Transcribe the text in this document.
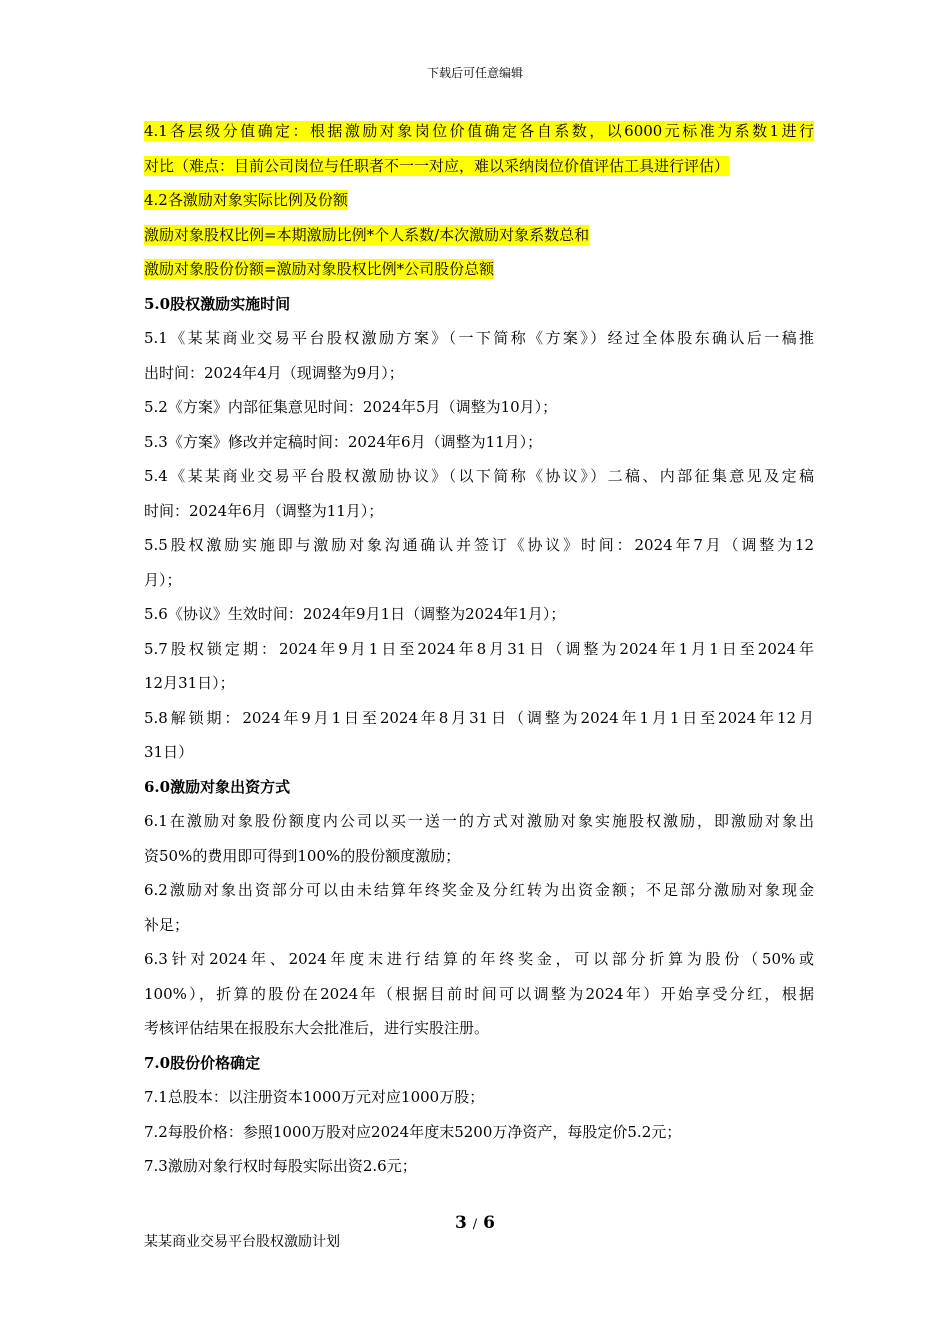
下载后可任意编辑
4.1各层级分值确定：根据激励对象岗位价值确定各自系数，以6000元标准为系数1进行
对比（难点：目前公司岗位与任职者不一一对应，难以采纳岗位价值评估工具进行评估）
4.2各激励对象实际比例及份额
激励对象股权比例=本期激励比例*个人系数/本次激励对象系数总和
激励对象股份份额=激励对象股权比例*公司股份总额
5.0股权激励实施时间
5.1《某某商业交易平台股权激励方案》（一下简称《方案》）经过全体股东确认后一稿推
出时间：2024年4月（现调整为9月）；
5.2《方案》内部征集意见时间：2024年5月（调整为10月）；
5.3《方案》修改并定稿时间：2024年6月（调整为11月）；
5.4《某某商业交易平台股权激励协议》（以下简称《协议》）二稿、内部征集意见及定稿
时间：2024年6月（调整为11月）；
5.5股权激励实施即与激励对象沟通确认并签订《协议》时间：2024年7月（调整为12
月）；
5.6《协议》生效时间：2024年9月1日（调整为2024年1月）；
5.7股权锁定期：2024年9月1日至2024年8月31日（调整为2024年1月1日至2024年
12月31日）；
5.8解锁期：2024年9月1日至2024年8月31日（调整为2024年1月1日至2024年12月
31日）
6.0激励对象出资方式
6.1在激励对象股份额度内公司以买一送一的方式对激励对象实施股权激励，即激励对象出
资50%的费用即可得到100%的股份额度激励；
6.2激励对象出资部分可以由未结算年终奖金及分红转为出资金额；不足部分激励对象现金
补足；
6.3针对2024年、2024年度末进行结算的年终奖金，可以部分折算为股份（50%或
100%），折算的股份在2024年（根据目前时间可以调整为2024年）开始享受分红，根据
考核评估结果在报股东大会批准后，进行实股注册。
7.0股份价格确定
7.1总股本：以注册资本1000万元对应1000万股；
7.2每股价格：参照1000万股对应2024年度末5200万净资产，每股定价5.2元；
7.3激励对象行权时每股实际出资2.6元；
3 / 6
某某商业交易平台股权激励计划
